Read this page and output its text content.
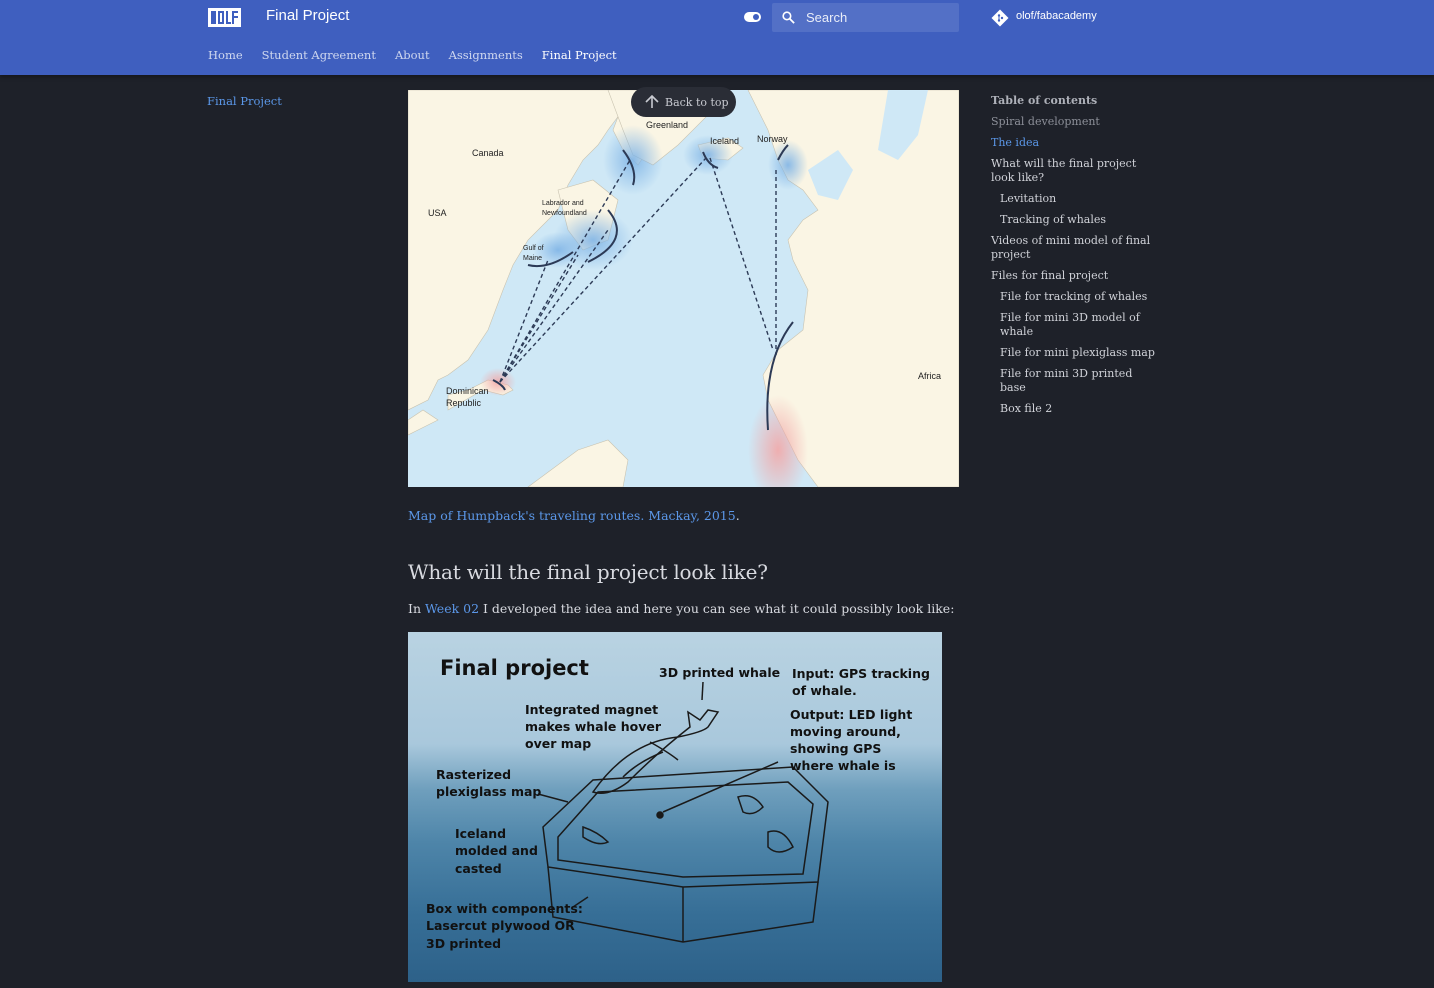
Final Project	Search	olof/fabacademy
Home Student Agreement About Assignments Final Project
Final Project
Greenland
Canada
Iceland Norway
USA
Labrador and
Newfoundland
Gulf of
Maine
Dominican
Republic
Africa
Back to top
Map of Humpback's traveling routes. Mackay, 2015.
What will the final project look like?
In Week 02 I developed the idea and here you can see what it could possibly look like:
Final project	3D printed whale Input: GPS tracking
of whale.
Integrated magnet
makes whale hover
over map
Output: LED light
moving around,
showing GPS
where whale is
Rasterized
plexiglass map
Iceland
molded and
casted
Box with components:
Lasercut plywood OR
3D printed
Table of contents
Spiral development
The idea
What will the final project look like?
Levitation
Tracking of whales
Videos of mini model of final project
Files for final project
File for tracking of whales
File for mini 3D model of whale
File for mini plexiglass map
File for mini 3D printed base
Box file 2
